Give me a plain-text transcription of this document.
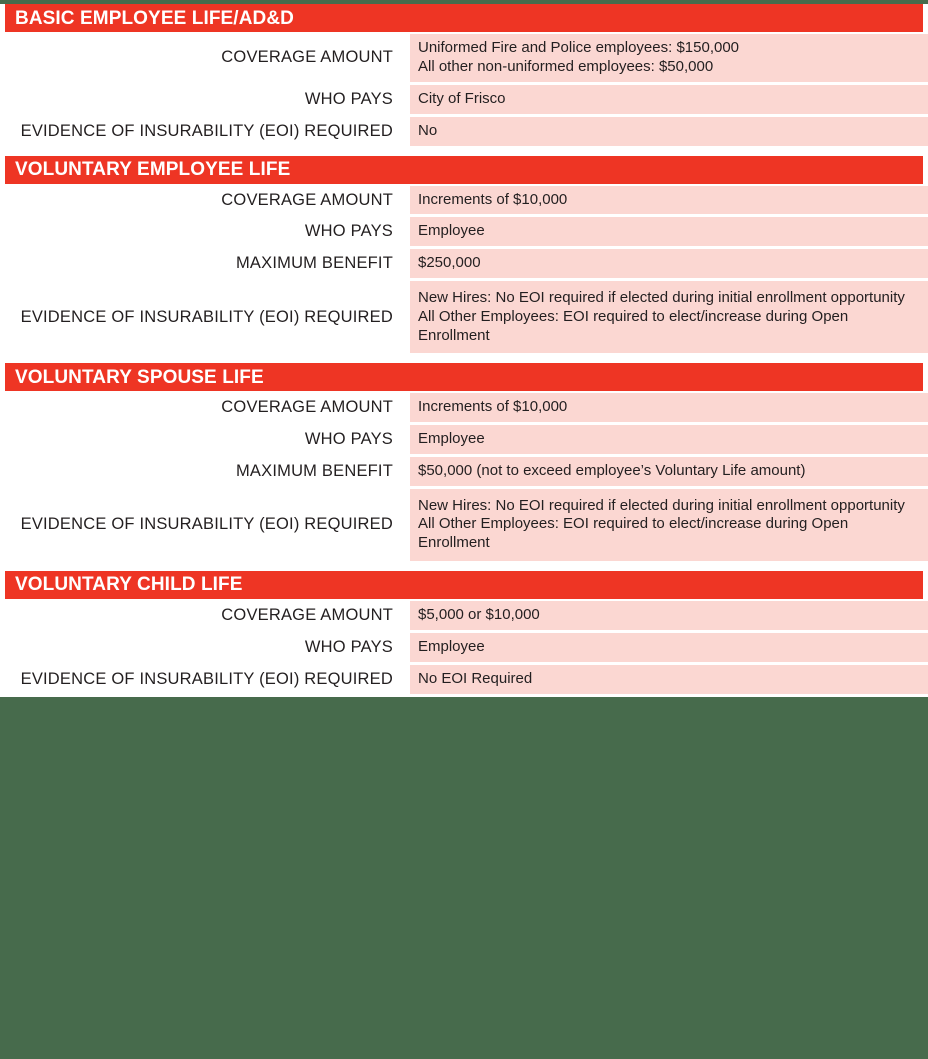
BASIC EMPLOYEE LIFE/AD&D
COVERAGE AMOUNT
Uniformed Fire and Police employees: $150,000
All other non-uniformed employees: $50,000
WHO PAYS City of Frisco
EVIDENCE OF INSURABILITY (EOI) REQUIRED No
VOLUNTARY EMPLOYEE LIFE
COVERAGE AMOUNT Increments of $10,000
WHO PAYS Employee
MAXIMUM BENEFIT $250,000
EVIDENCE OF INSURABILITY (EOI) REQUIRED
New Hires: No EOI required if elected during initial enrollment opportunity
All Other Employees: EOI required to elect/increase during Open Enrollment
VOLUNTARY SPOUSE LIFE
COVERAGE AMOUNT Increments of $10,000
WHO PAYS Employee
MAXIMUM BENEFIT $50,000 (not to exceed employee’s Voluntary Life amount)
EVIDENCE OF INSURABILITY (EOI) REQUIRED
New Hires: No EOI required if elected during initial enrollment opportunity
All Other Employees: EOI required to elect/increase during Open Enrollment
VOLUNTARY CHILD LIFE
COVERAGE AMOUNT $5,000 or $10,000
WHO PAYS Employee
EVIDENCE OF INSURABILITY (EOI) REQUIRED No EOI Required
